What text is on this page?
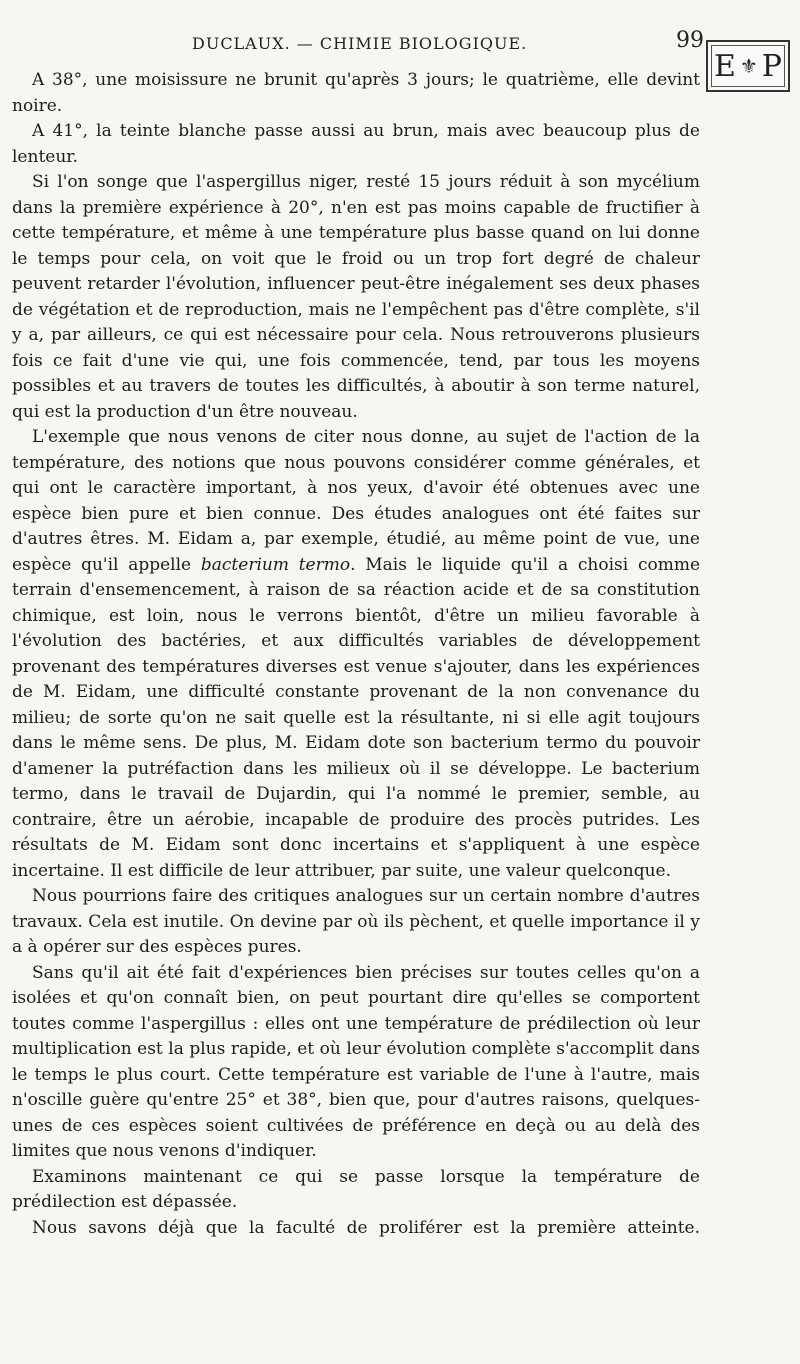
DUCLAUX. — CHIMIE BIOLOGIQUE.	99
E ⚜ P

A 38°, une moisissure ne brunit qu'après 3 jours; le quatrième, elle devint noire.

A 41°, la teinte blanche passe aussi au brun, mais avec beaucoup plus de lenteur.

Si l'on songe que l'aspergillus niger, resté 15 jours réduit à son mycélium dans la première expérience à 20°, n'en est pas moins capable de fructifier à cette température, et même à une température plus basse quand on lui donne le temps pour cela, on voit que le froid ou un trop fort degré de chaleur peuvent retarder l'évolution, influencer peut-être inégalement ses deux phases de végétation et de reproduction, mais ne l'empêchent pas d'être complète, s'il y a, par ailleurs, ce qui est nécessaire pour cela. Nous retrouverons plusieurs fois ce fait d'une vie qui, une fois commencée, tend, par tous les moyens possibles et au travers de toutes les difficultés, à aboutir à son terme naturel, qui est la production d'un être nouveau.

L'exemple que nous venons de citer nous donne, au sujet de l'action de la température, des notions que nous pouvons considérer comme générales, et qui ont le caractère important, à nos yeux, d'avoir été obtenues avec une espèce bien pure et bien connue. Des études analogues ont été faites sur d'autres êtres. M. Eidam a, par exemple, étudié, au même point de vue, une espèce qu'il appelle bacterium termo. Mais le liquide qu'il a choisi comme terrain d'ensemencement, à raison de sa réaction acide et de sa constitution chimique, est loin, nous le verrons bientôt, d'être un milieu favorable à l'évolution des bactéries, et aux difficultés variables de développement provenant des températures diverses est venue s'ajouter, dans les expériences de M. Eidam, une difficulté constante provenant de la non convenance du milieu; de sorte qu'on ne sait quelle est la résultante, ni si elle agit toujours dans le même sens. De plus, M. Eidam dote son bacterium termo du pouvoir d'amener la putréfaction dans les milieux où il se développe. Le bacterium termo, dans le travail de Dujardin, qui l'a nommé le premier, semble, au contraire, être un aérobie, incapable de produire des procès putrides. Les résultats de M. Eidam sont donc incertains et s'appliquent à une espèce incertaine. Il est difficile de leur attribuer, par suite, une valeur quelconque.

Nous pourrions faire des critiques analogues sur un certain nombre d'autres travaux. Cela est inutile. On devine par où ils pèchent, et quelle importance il y a à opérer sur des espèces pures.

Sans qu'il ait été fait d'expériences bien précises sur toutes celles qu'on a isolées et qu'on connaît bien, on peut pourtant dire qu'elles se comportent toutes comme l'aspergillus : elles ont une température de prédilection où leur multiplication est la plus rapide, et où leur évolution complète s'accomplit dans le temps le plus court. Cette température est variable de l'une à l'autre, mais n'oscille guère qu'entre 25° et 38°, bien que, pour d'autres raisons, quelques-unes de ces espèces soient cultivées de préférence en deçà ou au delà des limites que nous venons d'indiquer.

Examinons maintenant ce qui se passe lorsque la température de prédilection est dépassée.

Nous savons déjà que la faculté de proliférer est la première atteinte.
